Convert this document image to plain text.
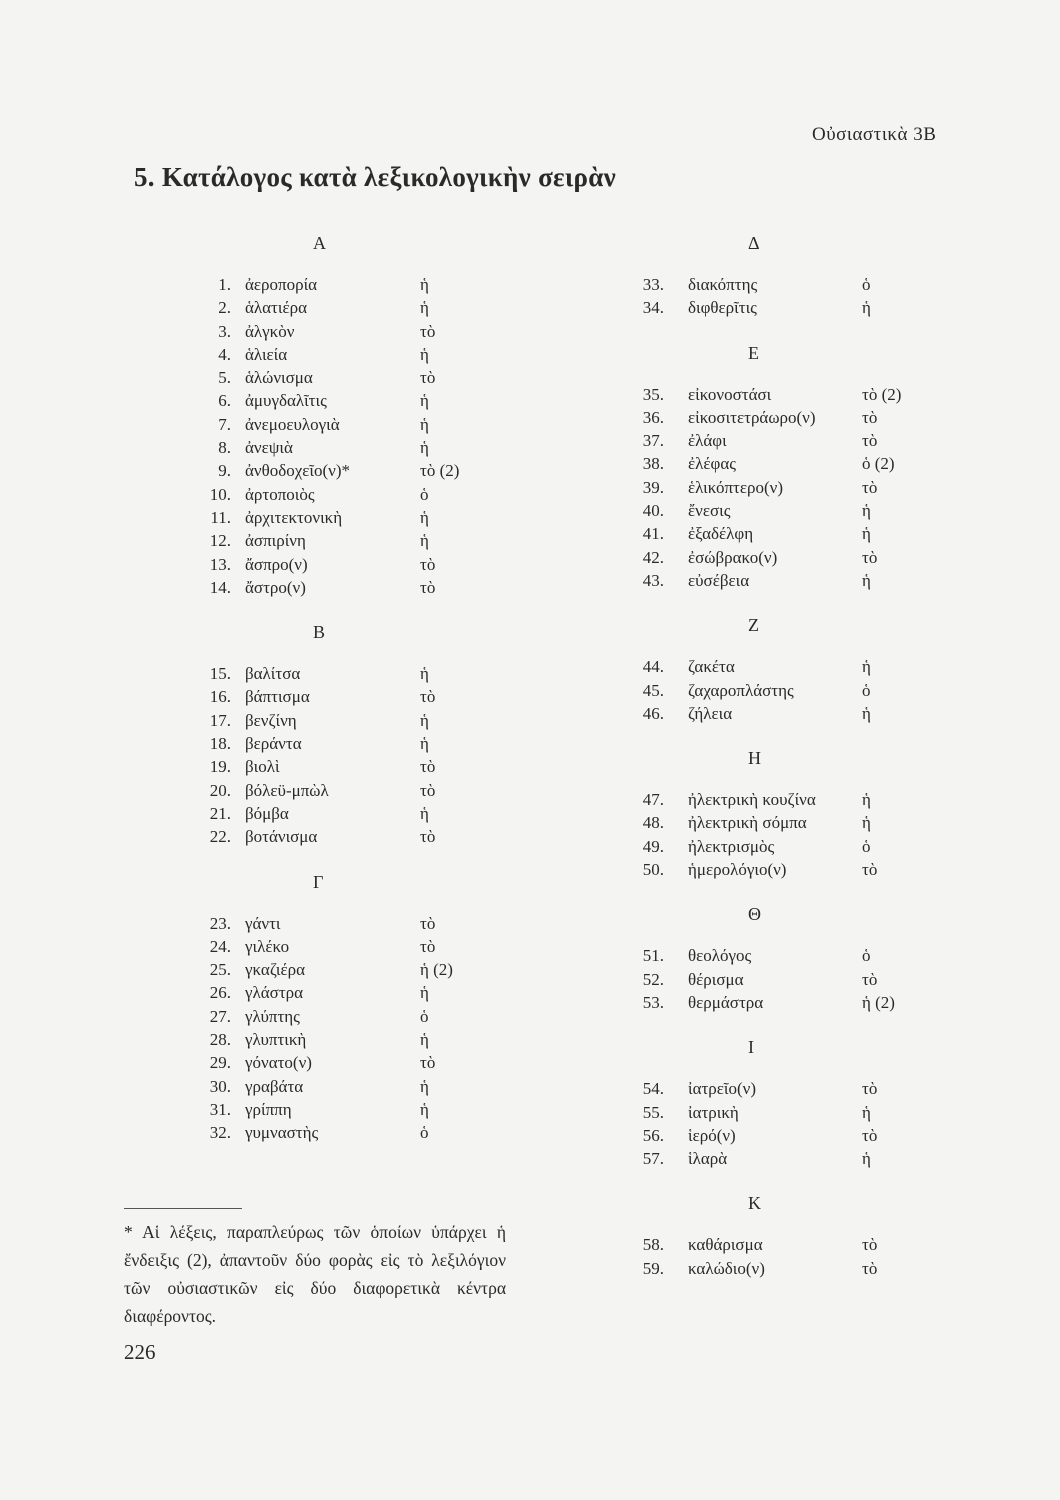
Οὐσιαστικὰ 3Β
5. Κατάλογος κατὰ λεξικολογικὴν σειρὰν
Α
1. ἀεροπορία	ἡ
2. ἁλατιέρα	ἡ
3. ἀλγκὸν	τὸ
4. ἁλιεία	ἡ
5. ἁλώνισμα	τὸ
6. ἀμυγδαλῖτις	ἡ
7. ἀνεμοευλογιὰ	ἡ
8. ἀνεψιὰ	ἡ
9. ἀνθοδοχεῖο(ν)*	τὸ (2)
10. ἀρτοποιὸς	ὁ
11. ἀρχιτεκτονικὴ	ἡ
12. ἀσπιρίνη	ἡ
13. ἄσπρο(ν)	τὸ
14. ἄστρο(ν)	τὸ
Β
15. βαλίτσα	ἡ
16. βάπτισμα	τὸ
17. βενζίνη	ἡ
18. βεράντα	ἡ
19. βιολὶ	τὸ
20. βόλεϋ-μπὼλ	τὸ
21. βόμβα	ἡ
22. βοτάνισμα	τὸ
Γ
23. γάντι	τὸ
24. γιλέκο	τὸ
25. γκαζιέρα	ἡ (2)
26. γλάστρα	ἡ
27. γλύπτης	ὁ
28. γλυπτικὴ	ἡ
29. γόνατο(ν)	τὸ
30. γραβάτα	ἡ
31. γρίππη	ἡ
32. γυμναστὴς	ὁ
Δ
33. διακόπτης	ὁ
34. διφθερῖτις	ἡ
Ε
35. εἰκονοστάσι	τὸ (2)
36. εἰκοσιτετράωρο(ν)	τὸ
37. ἐλάφι	τὸ
38. ἐλέφας	ὁ (2)
39. ἑλικόπτερο(ν)	τὸ
40. ἔνεσις	ἡ
41. ἐξαδέλφη	ἡ
42. ἐσώβρακο(ν)	τὸ
43. εὐσέβεια	ἡ
Ζ
44. ζακέτα	ἡ
45. ζαχαροπλάστης	ὁ
46. ζήλεια	ἡ
Η
47. ἠλεκτρικὴ κουζίνα	ἡ
48. ἠλεκτρικὴ σόμπα	ἡ
49. ἠλεκτρισμὸς	ὁ
50. ἡμερολόγιο(ν)	τὸ
Θ
51. θεολόγος	ὁ
52. θέρισμα	τὸ
53. θερμάστρα	ἡ (2)
Ι
54. ἰατρεῖο(ν)	τὸ
55. ἰατρικὴ	ἡ
56. ἱερό(ν)	τὸ
57. ἱλαρὰ	ἡ
Κ
58. καθάρισμα	τὸ
59. καλώδιο(ν)	τὸ

* Αἱ λέξεις, παραπλεύρως τῶν ὁποίων ὑπάρχει ἡ ἔνδειξις (2), ἀπαντοῦν δύο φορὰς εἰς τὸ λεξιλόγιον τῶν οὐσιαστικῶν εἰς δύο διαφορετικὰ κέντρα διαφέροντος.

226
